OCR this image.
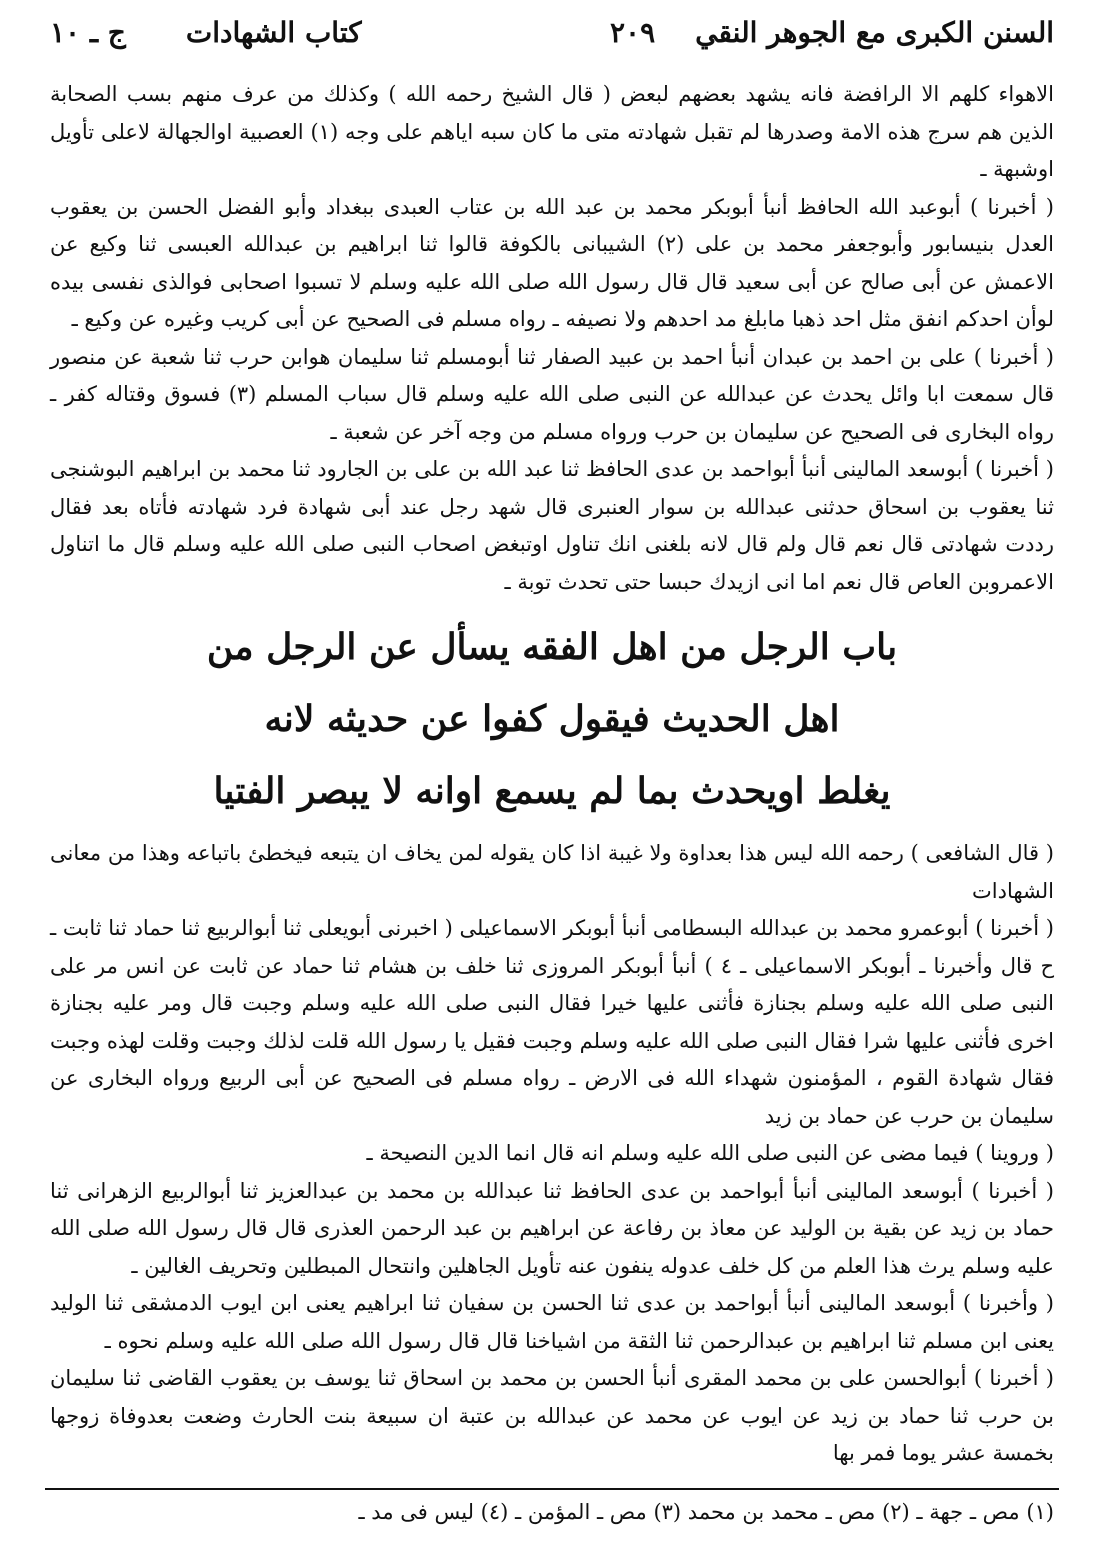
السنن الكبرى مع الجوهر النقي
٢٠٩
كتاب الشهادات
ج ـ ١٠

الاهواء كلهم الا الرافضة فانه يشهد بعضهم لبعض ( قال الشيخ رحمه الله ) وكذلك من عرف منهم بسب الصحابة الذين هم سرج هذه الامة وصدرها لم تقبل شهادته متى ما كان سبه اياهم على وجه (١) العصبية اوالجهالة لاعلى تأويل اوشبهة ـ

( أخبرنا ) أبوعبد الله الحافظ أنبأ أبوبكر محمد بن عبد الله بن عتاب العبدى ببغداد وأبو الفضل الحسن بن يعقوب العدل بنيسابور وأبوجعفر محمد بن على (٢) الشيبانى بالكوفة قالوا ثنا ابراهيم بن عبدالله العبسى ثنا وكيع عن الاعمش عن أبى صالح عن أبى سعيد قال قال رسول الله صلى الله عليه وسلم لا تسبوا اصحابى فوالذى نفسى بيده لوأن احدكم انفق مثل احد ذهبا مابلغ مد احدهم ولا نصيفه ـ رواه مسلم فى الصحيح عن أبى كريب وغيره عن وكيع ـ

( أخبرنا ) على بن احمد بن عبدان أنبأ احمد بن عبيد الصفار ثنا أبومسلم ثنا سليمان هوابن حرب ثنا شعبة عن منصور قال سمعت ابا وائل يحدث عن عبدالله عن النبى صلى الله عليه وسلم قال سباب المسلم (٣) فسوق وقتاله كفر ـ رواه البخارى فى الصحيح عن سليمان بن حرب ورواه مسلم من وجه آخر عن شعبة ـ

( أخبرنا ) أبوسعد المالينى أنبأ أبواحمد بن عدى الحافظ ثنا عبد الله بن على بن الجارود ثنا محمد بن ابراهيم البوشنجى ثنا يعقوب بن اسحاق حدثنى عبدالله بن سوار العنبرى قال شهد رجل عند أبى شهادة فرد شهادته فأتاه بعد فقال رددت شهادتى قال نعم قال ولم قال لانه بلغنى انك تناول اوتبغض اصحاب النبى صلى الله عليه وسلم قال ما اتناول الاعمروبن العاص قال نعم اما انى ازيدك حبسا حتى تحدث توبة ـ

باب الرجل من اهل الفقه يسأل عن الرجل من
اهل الحديث فيقول كفوا عن حديثه لانه
يغلط اويحدث بما لم يسمع اوانه لا يبصر الفتيا

( قال الشافعى ) رحمه الله ليس هذا بعداوة ولا غيبة اذا كان يقوله لمن يخاف ان يتبعه فيخطئ باتباعه وهذا من معانى الشهادات

( أخبرنا ) أبوعمرو محمد بن عبدالله البسطامى أنبأ أبوبكر الاسماعيلى ( اخبرنى أبويعلى ثنا أبوالربيع ثنا حماد ثنا ثابت ـ ح قال وأخبرنا ـ أبوبكر الاسماعيلى ـ ٤ ) أنبأ أبوبكر المروزى ثنا خلف بن هشام ثنا حماد عن ثابت عن انس مر على النبى صلى الله عليه وسلم بجنازة فأثنى عليها خيرا فقال النبى صلى الله عليه وسلم وجبت قال ومر عليه بجنازة اخرى فأثنى عليها شرا فقال النبى صلى الله عليه وسلم وجبت فقيل يا رسول الله قلت لذلك وجبت وقلت لهذه وجبت فقال شهادة القوم ، المؤمنون شهداء الله فى الارض ـ رواه مسلم فى الصحيح عن أبى الربيع ورواه البخارى عن سليمان بن حرب عن حماد بن زيد

( وروينا ) فيما مضى عن النبى صلى الله عليه وسلم انه قال انما الدين النصيحة ـ

( أخبرنا ) أبوسعد المالينى أنبأ أبواحمد بن عدى الحافظ ثنا عبدالله بن محمد بن عبدالعزيز ثنا أبوالربيع الزهرانى ثنا حماد بن زيد عن بقية بن الوليد عن معاذ بن رفاعة عن ابراهيم بن عبد الرحمن العذرى قال قال رسول الله صلى الله عليه وسلم يرث هذا العلم من كل خلف عدوله ينفون عنه تأويل الجاهلين وانتحال المبطلين وتحريف الغالين ـ

( وأخبرنا ) أبوسعد المالينى أنبأ أبواحمد بن عدى ثنا الحسن بن سفيان ثنا ابراهيم يعنى ابن ايوب الدمشقى ثنا الوليد يعنى ابن مسلم ثنا ابراهيم بن عبدالرحمن ثنا الثقة من اشياخنا قال قال رسول الله صلى الله عليه وسلم نحوه ـ

( أخبرنا ) أبوالحسن على بن محمد المقرى أنبأ الحسن بن محمد بن اسحاق ثنا يوسف بن يعقوب القاضى ثنا سليمان بن حرب ثنا حماد بن زيد عن ايوب عن محمد عن عبدالله بن عتبة ان سبيعة بنت الحارث وضعت بعدوفاة زوجها بخمسة عشر يوما فمر بها

(١) مص ـ جهة ـ (٢) مص ـ محمد بن محمد (٣) مص ـ المؤمن ـ (٤) ليس فى مد ـ
